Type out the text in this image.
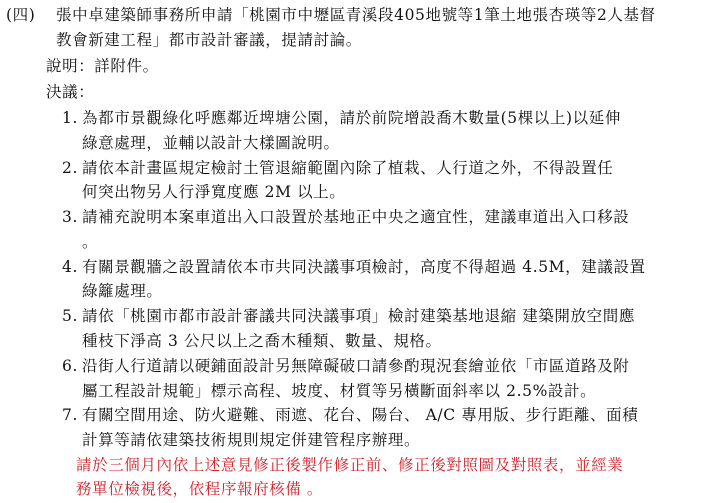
(四) 張中卓建築師事務所申請「桃園市中壢區青溪段405地號等1筆土地張杏瑛等2人基督
教會新建工程」都市設計審議，提請討論。
說明：詳附件。
決議：
1. 為都市景觀綠化呼應鄰近埤塘公園，請於前院增設喬木數量(5棵以上)以延伸
綠意處理，並輔以設計大樣圖說明。
2. 請依本計畫區規定檢討土管退縮範圍內除了植栽、人行道之外，不得設置任
何突出物另人行淨寬度應 2M 以上。
3. 請補充說明本案車道出入口設置於基地正中央之適宜性，建議車道出入口移設
。
4. 有關景觀牆之設置請依本市共同決議事項檢討，高度不得超過 4.5M，建議設置
綠籬處理。
5. 請依「桃園市都市設計審議共同決議事項」檢討建築基地退縮 建築開放空間應
種枝下淨高 3 公尺以上之喬木種類、數量、規格。
6. 沿街人行道請以硬鋪面設計另無障礙破口請參酌現況套繪並依「市區道路及附
屬工程設計規範」標示高程、坡度、材質等另橫斷面斜率以 2.5%設計。
7. 有關空間用途、防火避難、雨遮、花台、陽台、 A/C 專用版、步行距離、面積
計算等請依建築技術規則規定併建管程序辦理。
請於三個月內依上述意見修正後製作修正前、修正後對照圖及對照表，並經業
務單位檢視後，依程序報府核備 。
